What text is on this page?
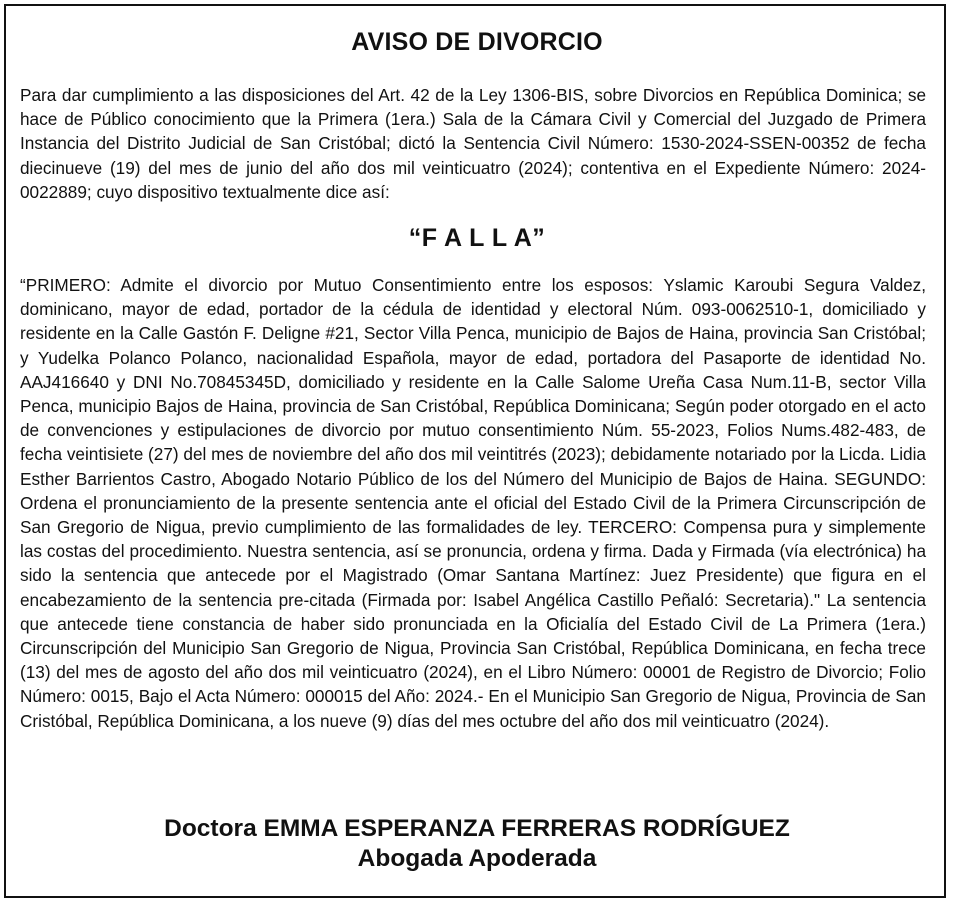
AVISO DE DIVORCIO

Para dar cumplimiento a las disposiciones del Art. 42 de la Ley 1306-BIS, sobre Divorcios en República Dominica; se hace de Público conocimiento que la Primera (1era.) Sala de la Cámara Civil y Comercial del Juzgado de Primera Instancia del Distrito Judicial de San Cristóbal; dictó la Sentencia Civil Número: 1530-2024-SSEN-00352 de fecha diecinueve (19) del mes de junio del año dos mil veinticuatro (2024); contentiva en el Expediente Número: 2024-0022889; cuyo dispositivo textualmente dice así:

“F A L L A”

“PRIMERO: Admite el divorcio por Mutuo Consentimiento entre los esposos: Yslamic Karoubi Segura Valdez, dominicano, mayor de edad, portador de la cédula de identidad y electoral Núm. 093-0062510-1, domiciliado y residente en la Calle Gastón F. Deligne #21, Sector Villa Penca, municipio de Bajos de Haina, provincia San Cristóbal; y Yudelka Polanco Polanco, nacionalidad Española, mayor de edad, portadora del Pasaporte de identidad No. AAJ416640 y DNI No.70845345D, domiciliado y residente en la Calle Salome Ureña Casa Num.11-B, sector Villa Penca, municipio Bajos de Haina, provincia de San Cristóbal, República Dominicana; Según poder otorgado en el acto de convenciones y estipulaciones de divorcio por mutuo consentimiento Núm. 55-2023, Folios Nums.482-483, de fecha veintisiete (27) del mes de noviembre del año dos mil veintitrés (2023); debidamente notariado por la Licda. Lidia Esther Barrientos Castro, Abogado Notario Público de los del Número del Municipio de Bajos de Haina. SEGUNDO: Ordena el pronunciamiento de la presente sentencia ante el oficial del Estado Civil de la Primera Circunscripción de San Gregorio de Nigua, previo cumplimiento de las formalidades de ley. TERCERO: Compensa pura y simplemente las costas del procedimiento. Nuestra sentencia, así se pronuncia, ordena y firma. Dada y Firmada (vía electrónica) ha sido la sentencia que antecede por el Magistrado (Omar Santana Martínez: Juez Presidente) que figura en el encabezamiento de la sentencia pre-citada (Firmada por: Isabel Angélica Castillo Peñaló: Secretaria)." La sentencia que antecede tiene constancia de haber sido pronunciada en la Oficialía del Estado Civil de La Primera (1era.) Circunscripción del Municipio San Gregorio de Nigua, Provincia San Cristóbal, República Dominicana, en fecha trece (13) del mes de agosto del año dos mil veinticuatro (2024), en el Libro Número: 00001 de Registro de Divorcio; Folio Número: 0015, Bajo el Acta Número: 000015 del Año: 2024.- En el Municipio San Gregorio de Nigua, Provincia de San Cristóbal, República Dominicana, a los nueve (9) días del mes octubre del año dos mil veinticuatro (2024).

Doctora EMMA ESPERANZA FERRERAS RODRÍGUEZ
Abogada Apoderada
